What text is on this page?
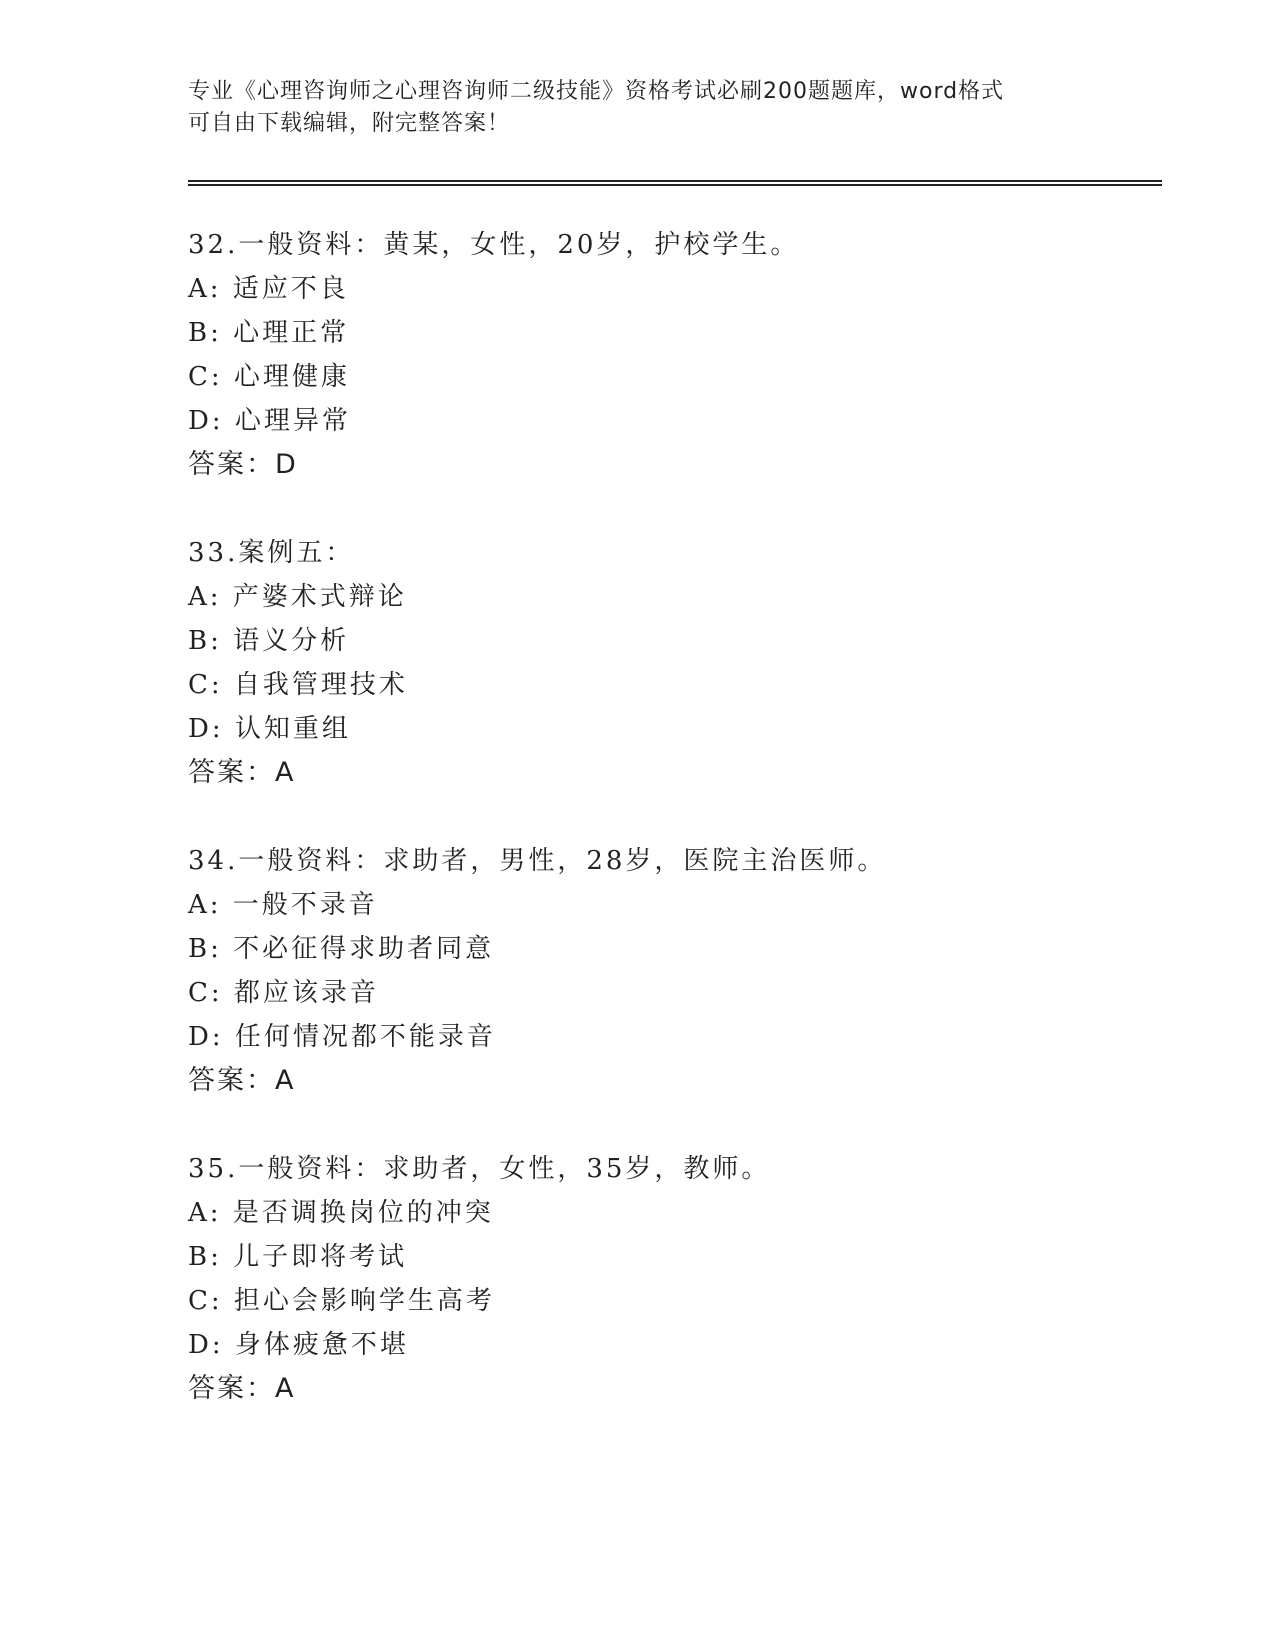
专业《心理咨询师之心理咨询师二级技能》资格考试必刷200题题库，word格式
可自由下载编辑，附完整答案！
32.一般资料：黄某，女性，20岁，护校学生。
A: 适应不良
B: 心理正常
C: 心理健康
D: 心理异常
答案：D
33.案例五：
A: 产婆术式辩论
B: 语义分析
C: 自我管理技术
D: 认知重组
答案：A
34.一般资料：求助者，男性，28岁，医院主治医师。
A: 一般不录音
B: 不必征得求助者同意
C: 都应该录音
D: 任何情况都不能录音
答案：A
35.一般资料：求助者，女性，35岁，教师。
A: 是否调换岗位的冲突
B: 儿子即将考试
C: 担心会影响学生高考
D: 身体疲惫不堪
答案：A
